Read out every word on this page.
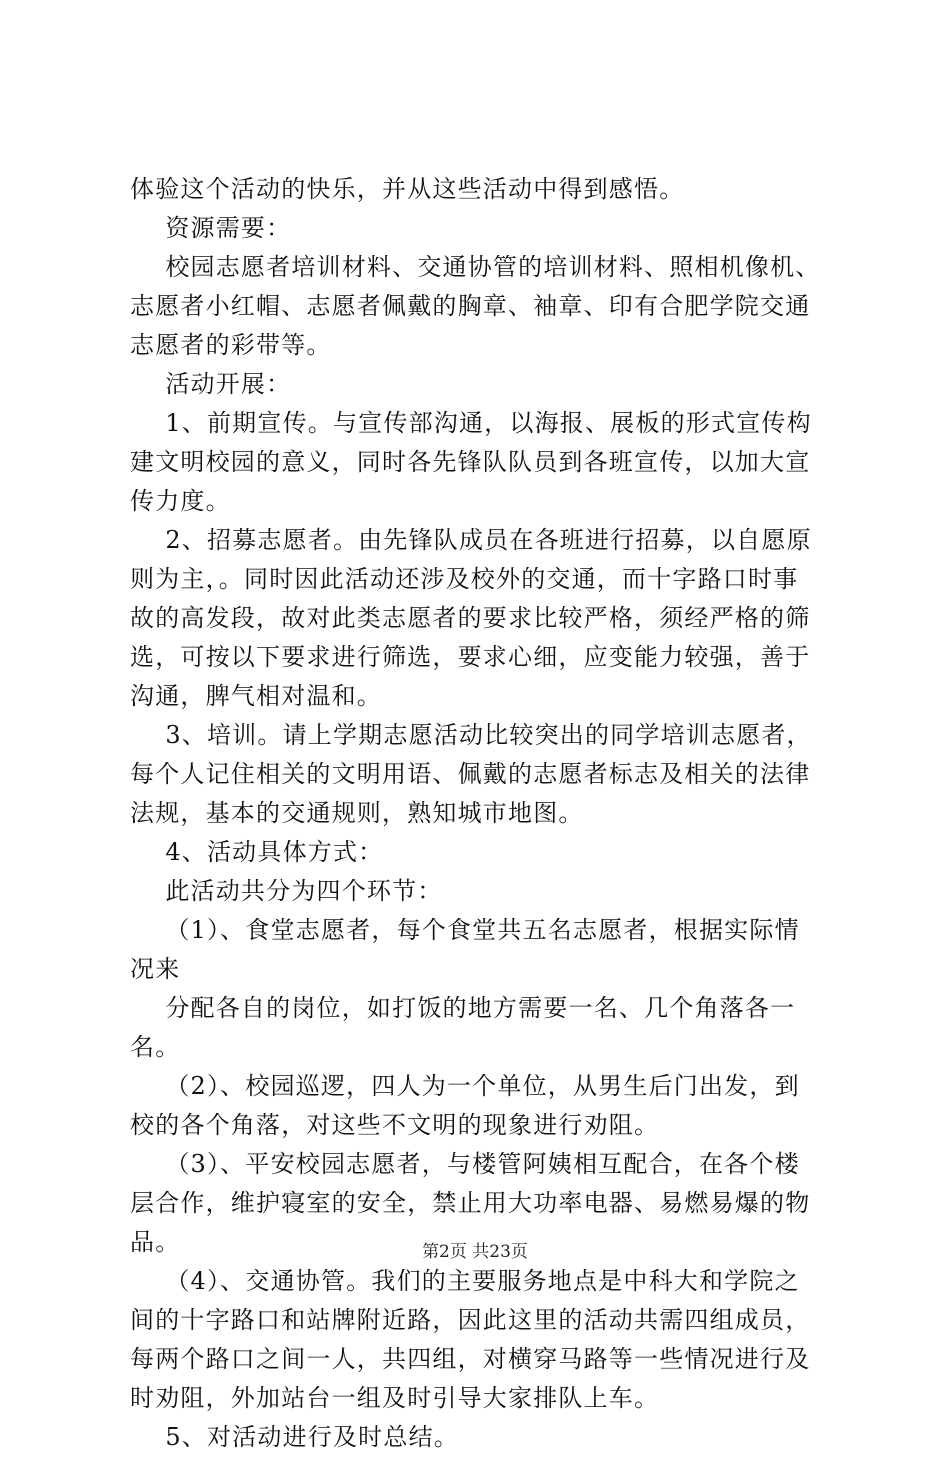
体验这个活动的快乐，并从这些活动中得到感悟。
资源需要：
校园志愿者培训材料、交通协管的培训材料、照相机像机、
志愿者小红帽、志愿者佩戴的胸章、袖章、印有合肥学院交通
志愿者的彩带等。
活动开展：
1、前期宣传。与宣传部沟通，以海报、展板的形式宣传构
建文明校园的意义，同时各先锋队队员到各班宣传，以加大宣
传力度。
2、招募志愿者。由先锋队成员在各班进行招募，以自愿原
则为主，。同时因此活动还涉及校外的交通，而十字路口时事
故的高发段，故对此类志愿者的要求比较严格，须经严格的筛
选，可按以下要求进行筛选，要求心细，应变能力较强，善于
沟通，脾气相对温和。
3、培训。请上学期志愿活动比较突出的同学培训志愿者，
每个人记住相关的文明用语、佩戴的志愿者标志及相关的法律
法规，基本的交通规则，熟知城市地图。
4、活动具体方式：
此活动共分为四个环节：
（1）、食堂志愿者，每个食堂共五名志愿者，根据实际情
况来
分配各自的岗位，如打饭的地方需要一名、几个角落各一
名。
（2）、校园巡逻，四人为一个单位，从男生后门出发，到
校的各个角落，对这些不文明的现象进行劝阻。
（3）、平安校园志愿者，与楼管阿姨相互配合，在各个楼
层合作，维护寝室的安全，禁止用大功率电器、易燃易爆的物
品。
（4）、交通协管。我们的主要服务地点是中科大和学院之
间的十字路口和站牌附近路，因此这里的活动共需四组成员，
每两个路口之间一人，共四组，对横穿马路等一些情况进行及
时劝阻，外加站台一组及时引导大家排队上车。
5、对活动进行及时总结。
第2页 共23页
